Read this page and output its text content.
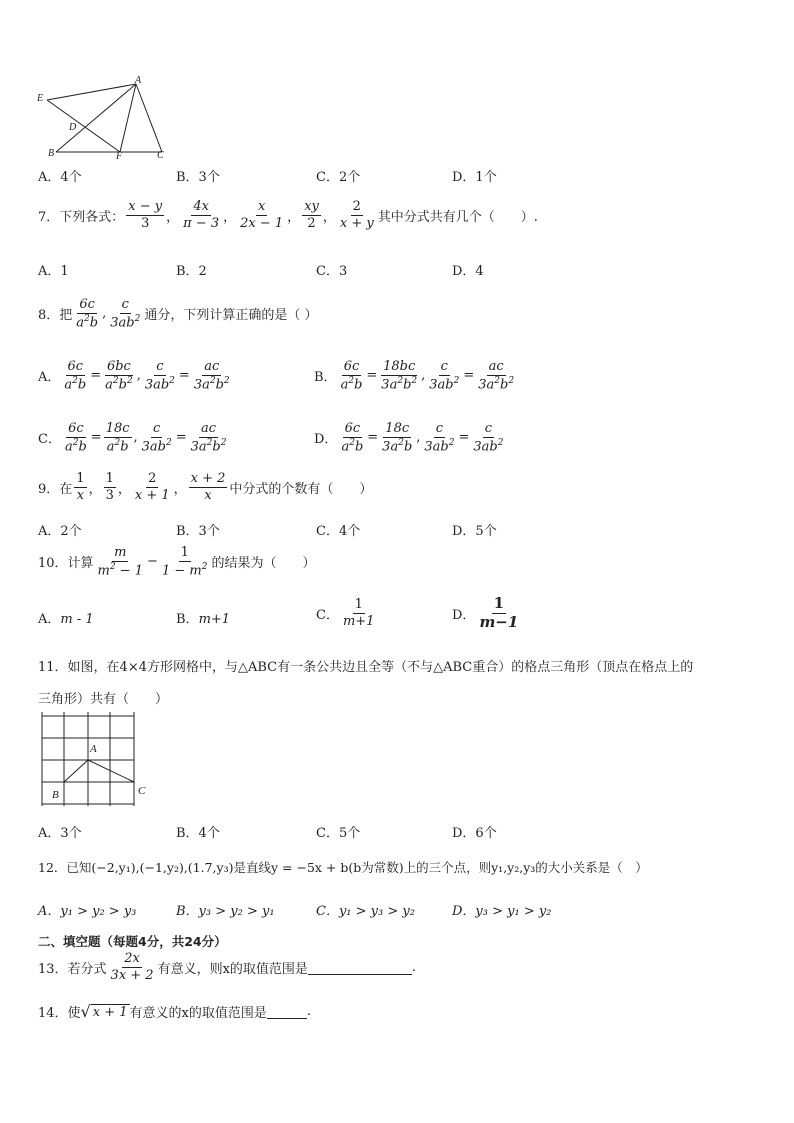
E
A
D
B	F	C
A．4个	B．3个	C．2个	D．1个
7．下列各式： $\frac{x - y}{3}$ ， $\frac{4x}{\pi - 3}$ ， $\frac{x}{2x - 1}$ ， $\frac{xy}{2}$ ， $\frac{2}{x + y}$ 其中分式共有几个（　　）.
A．1	B．2	C．3	D．4
8．把 $\frac{6c}{a^2b}$ , $\frac{c}{3ab^2}$ 通分，下列计算正确的是（ ）
A． $\frac{6c}{a^2b} = \frac{6bc}{a^2b^2}$ , $\frac{c}{3ab^2} = \frac{ac}{3a^2b^2}$	B． $\frac{6c}{a^2b} = \frac{18bc}{3a^2b^2}$ , $\frac{c}{3ab^2} = \frac{ac}{3a^2b^2}$
C． $\frac{6c}{a^2b} = \frac{18c}{a^2b}$ , $\frac{c}{3ab^2} = \frac{ac}{3a^2b^2}$	D． $\frac{6c}{a^2b} = \frac{18c}{3a^2b}$ , $\frac{c}{3ab^2} = \frac{c}{3ab^2}$
9．在 $\frac{1}{x}$ ， $\frac{1}{3}$ ， $\frac{2}{x + 1}$ ， $\frac{x + 2}{x}$ 中分式的个数有（　　）
A．2个	B．3个	C．4个	D．5个
10．计算 $\frac{m}{m^2 - 1} - \frac{1}{1 - m^2}$ 的结果为（　　）
A．m - 1	B．m+1	C． $\frac{1}{m+1}$	D． $\frac{1}{m-1}$
11．如图，在4×4方形网格中，与△ABC有一条公共边且全等（不与△ABC重合）的格点三角形（顶点在格点上的
三角形）共有（　　）
A
B	C
A．3个	B．4个	C．5个	D．6个
12．已知(−2,y₁),(−1,y₂),(1.7,y₃)是直线y = −5x + b(b为常数)上的三个点，则y₁,y₂,y₃的大小关系是（　）
A．y₁ > y₂ > y₃	B．y₃ > y₂ > y₁	C．y₁ > y₃ > y₂	D．y₃ > y₁ > y₂
二、填空题（每题4分，共24分）
13．若分式 $\frac{2x}{3x + 2}$ 有意义，则x的取值范围是	.
14．使 √ x + 1 有意义的x的取值范围是	.
